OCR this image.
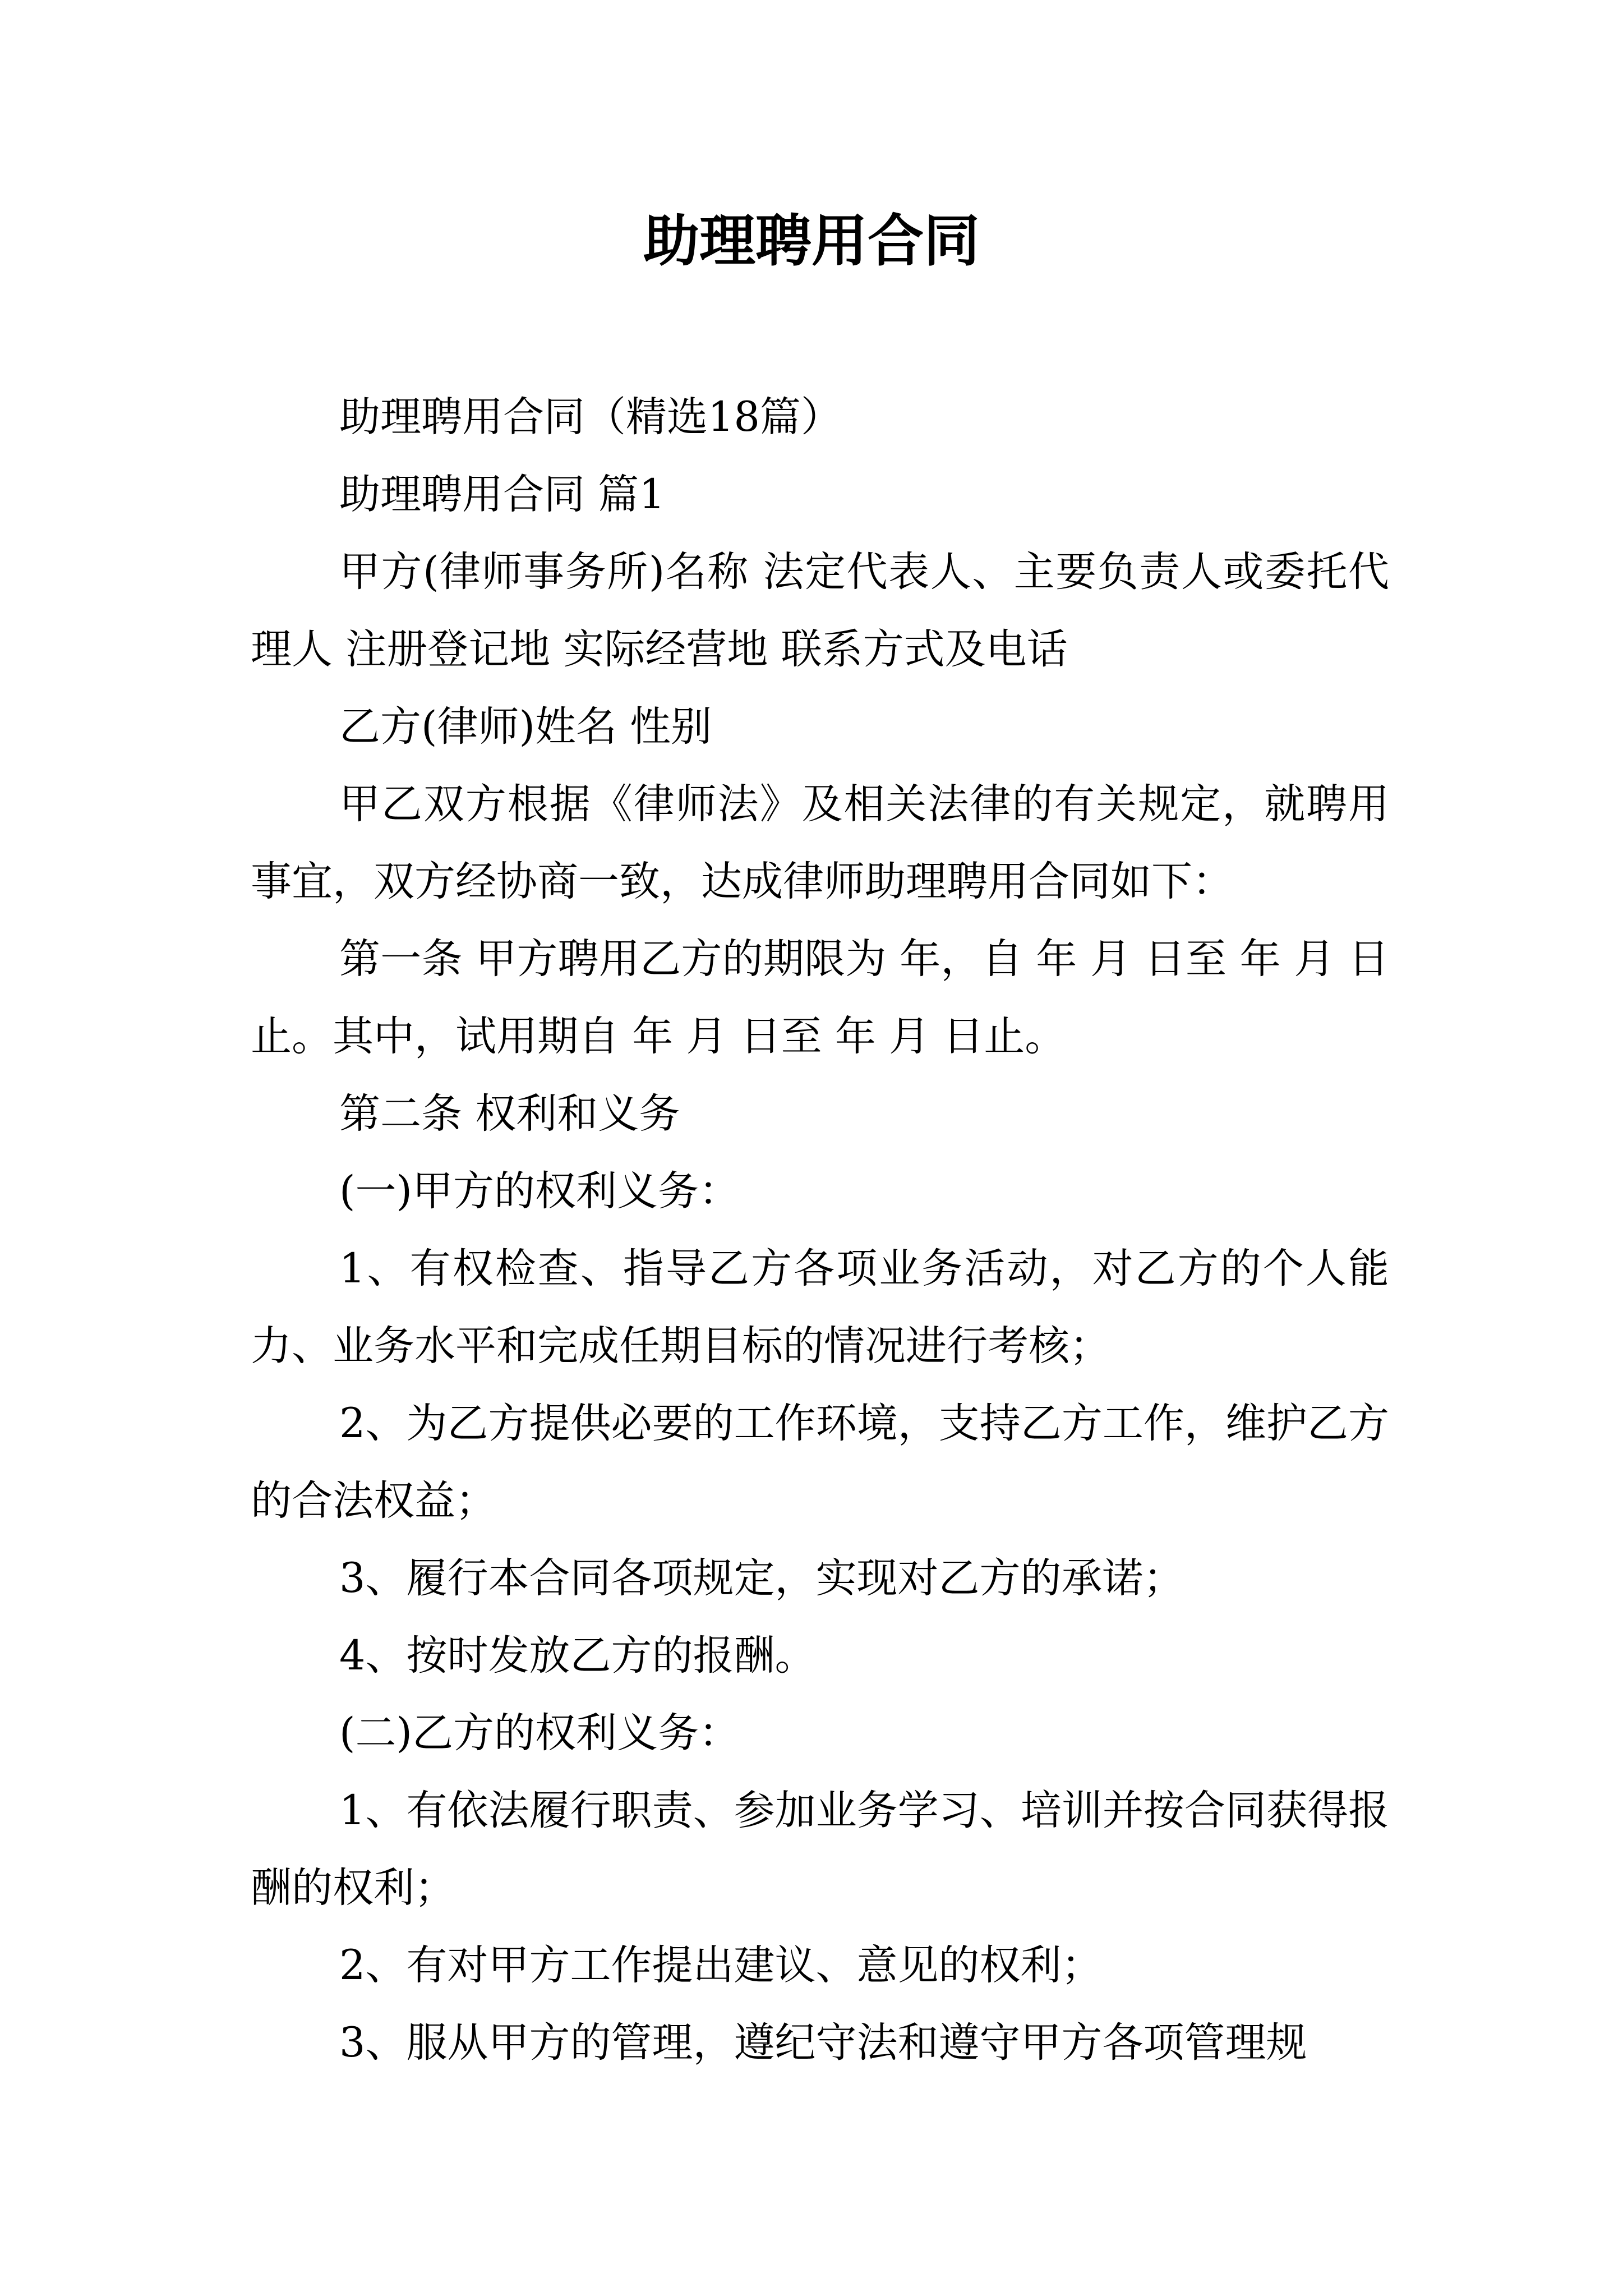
助理聘用合同

助理聘用合同（精选18篇）

助理聘用合同 篇1

甲方(律师事务所)名称 法定代表人、主要负责人或委托代理人 注册登记地 实际经营地 联系方式及电话

乙方(律师)姓名 性别

甲乙双方根据《律师法》及相关法律的有关规定，就聘用事宜，双方经协商一致，达成律师助理聘用合同如下：

第一条 甲方聘用乙方的期限为 年，自 年 月 日至 年 月 日止。其中，试用期自 年 月 日至 年 月 日止。

第二条 权利和义务

(一)甲方的权利义务：

1、有权检查、指导乙方各项业务活动，对乙方的个人能力、业务水平和完成任期目标的情况进行考核；

2、为乙方提供必要的工作环境，支持乙方工作，维护乙方的合法权益；

3、履行本合同各项规定，实现对乙方的承诺；

4、按时发放乙方的报酬。

(二)乙方的权利义务：

1、有依法履行职责、参加业务学习、培训并按合同获得报酬的权利；

2、有对甲方工作提出建议、意见的权利；

3、服从甲方的管理，遵纪守法和遵守甲方各项管理规
